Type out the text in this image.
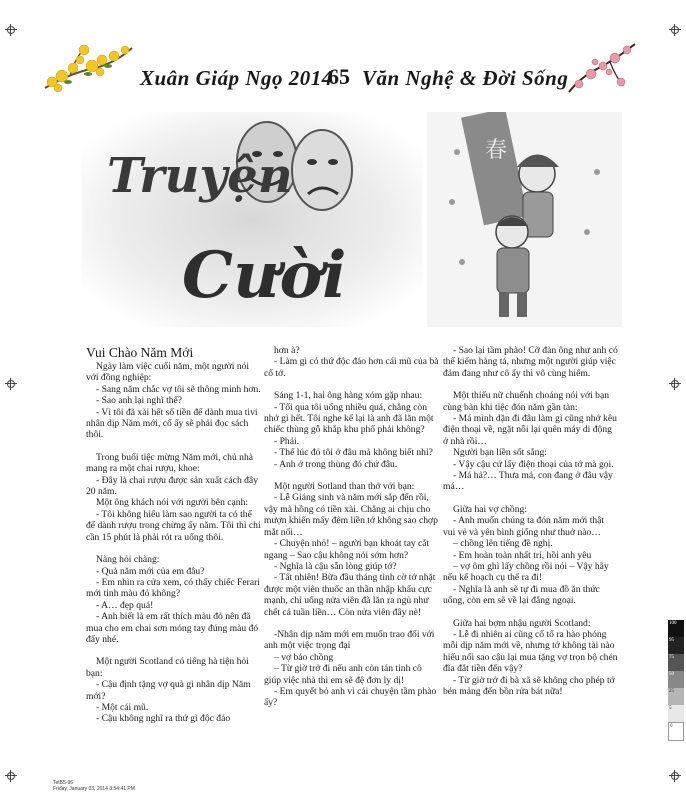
Xuân Giáp Ngọ 2014
65 Văn Nghệ & Đời Sống
Truyện
Cười
春
Vui Chào Năm Mới

Ngày làm việc cuối năm, một người nói với đồng nghiệp:

- Sang năm chắc vợ tôi sẽ thông minh hơn.

- Sao anh lại nghĩ thế?

- Vì tôi đã xài hết số tiền để dành mua tivi nhân dịp Năm mới, cố ấy sẽ phải đọc sách thôi.

Trong buổi tiệc mừng Năm mới, chủ nhà mang ra một chai rượu, khoe:

- Đây là chai rượu được sản xuất cách đây 20 năm.

Một ông khách nói với người bên cạnh:

- Tôi không hiểu làm sao người ta có thể để dành rượu trong chừng ấy năm. Tôi thì chỉ cần 15 phút là phải rót ra uống thôi.

Nàng hỏi chàng:

- Quà năm mới của em đâu?

- Em nhìn ra cửa xem, có thấy chiếc Ferari mới tinh màu đỏ không?

- A… đẹp quá!

- Anh biết là em rất thích màu đỏ nên đã mua cho em chai sơn móng tay đúng màu đó đấy nhé.

Một người Scotland có tiếng hà tiện hỏi bạn:

- Cậu định tặng vợ quà gì nhân dịp Năm mới?

- Một cái mũ.

- Cậu không nghĩ ra thứ gì độc đáo

hơn à?

- Làm gì có thứ độc đáo hơn cái mũ của bà cố tớ.

Sáng 1-1, hai ông hàng xóm gặp nhau:

- Tối qua tôi uống nhiều quá, chẳng còn nhớ gì hết. Tôi nghe kể lại là anh đã lăn một chiếc thùng gỗ khắp khu phố phải không?

- Phải.

- Thế lúc đó tôi ở đâu mà không biết nhỉ?

- Anh ở trong thùng đó chứ đâu.

Một người Sotland than thở với bạn:

- Lễ Giáng sinh và năm mới sắp đến rồi, vậy mà hồng có tiền xài. Chẳng ai chịu cho mượn khiến mấy đêm liền tớ không sao chợp mắt nổi…

- Chuyện nhỏ! – người bạn khoát tay cắt ngang – Sao cậu không nói sớm hơn?

- Nghĩa là cậu sẵn lòng giúp tớ?

- Tất nhiên! Bữa đầu tháng tình cờ tớ nhặt được một viên thuốc an thần nhập khẩu cực mạnh, chỉ uống nửa viên đã lăn ra ngủ như chết cả tuần liền… Còn nửa viên đây nè!

-Nhân dịp năm mới em muốn trao đổi với anh một việc trọng đại

– vợ báo chồng

– Từ giờ trở đi nếu anh còn tán tỉnh cô giúp việc nhà thì em sẽ đệ đơn ly dị!

- Em quyết bỏ anh vì cái chuyện tầm phào ấy?

- Sao lại tầm phào! Cỡ đàn ông như anh có thể kiếm hàng tá, nhưng một người giúp việc đảm đang như cô ấy thì vô cùng hiếm.

Một thiếu nữ chuếnh choáng nói với bạn cùng bàn khi tiệc đón năm gần tàn:

- Má mình dặn đi đâu làm gì cũng nhớ kêu điện thoại về, ngặt nỗi lại quên máy di động ở nhà rồi…

Người bạn liền sốt sắng:

- Vậy cậu cứ lấy điện thoại của tớ mà gọi.

- Má hả?… Thưa má, con đang ở đâu vậy má…

Giữa hai vợ chồng:

- Anh muốn chúng ta đón năm mới thật vui vẻ và yên bình giống như thuở nào…

– chồng lên tiếng đề nghị.

- Em hoàn toàn nhất trí, hồi anh yêu

– vợ ôm ghì lấy chồng rồi nói – Vậy hãy nếu kể hoạch cụ thể ra đi!

- Nghĩa là anh sẽ tự đi mua đồ ăn thức uống, còn em sẽ về lại đẳng ngoại.

Giữa hai bợm nhậu người Scotland:

- Lễ đi nhiên ai cũng cố tổ ra hào phóng mỗi dịp năm mới về, nhưng tớ không tài nào hiểu nổi sao cậu lại mua tặng vợ trọn bộ chén đĩa đắt tiền đến vậy?

- Từ giờ trở đi bà xã sẽ không cho phép tớ bén mảng đến bồn rửa bát nữa!

100
95
75
50
25
5
0
TetB5-96
Friday, January 03, 2014 3:54:41 PM
